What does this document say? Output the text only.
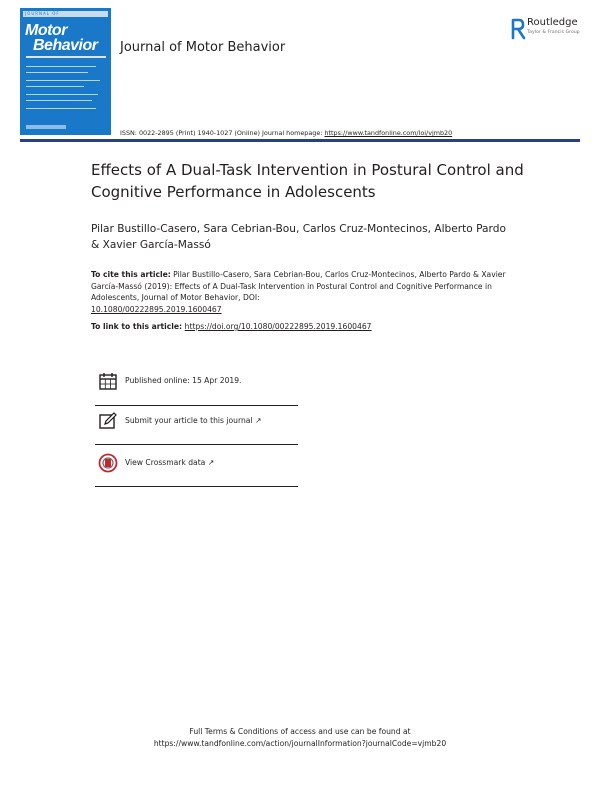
JOURNAL OF
Motor
Behavior Journal of Motor Behavior
Routledge
Taylor & Francis Group
ISSN: 0022-2895 (Print) 1940-1027 (Online) Journal homepage: https://www.tandfonline.com/loi/vjmb20
Effects of A Dual-Task Intervention in Postural Control and Cognitive Performance in Adolescents
Pilar Bustillo-Casero, Sara Cebrian-Bou, Carlos Cruz-Montecinos, Alberto Pardo & Xavier García-Massó
To cite this article: Pilar Bustillo-Casero, Sara Cebrian-Bou, Carlos Cruz-Montecinos, Alberto Pardo & Xavier García-Massó (2019): Effects of A Dual-Task Intervention in Postural Control and Cognitive Performance in Adolescents, Journal of Motor Behavior, DOI:
10.1080/00222895.2019.1600467
To link to this article: https://doi.org/10.1080/00222895.2019.1600467
Published online: 15 Apr 2019.
Submit your article to this journal ↗
View Crossmark data ↗
Full Terms & Conditions of access and use can be found at
https://www.tandfonline.com/action/journalInformation?journalCode=vjmb20
